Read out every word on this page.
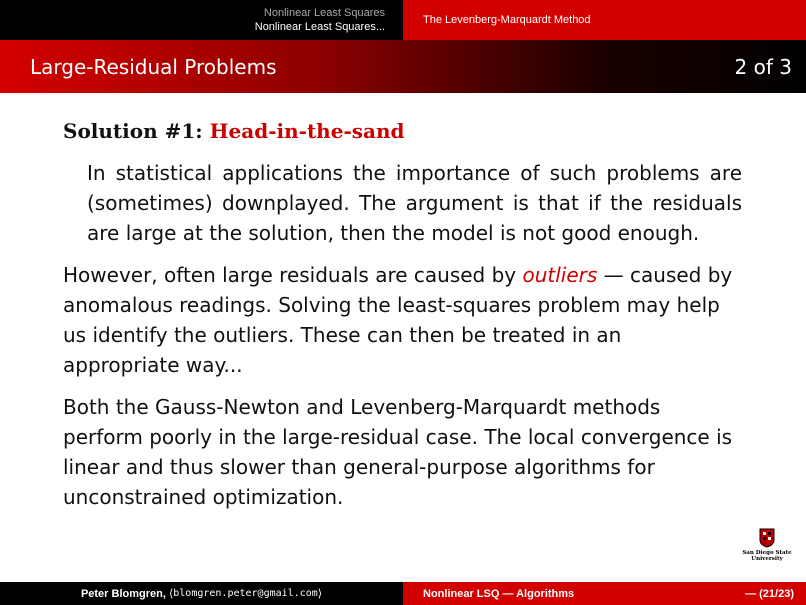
Nonlinear Least Squares
Nonlinear Least Squares...
The Levenberg-Marquardt Method
Large-Residual Problems	2 of 3

Solution #1: Head-in-the-sand

In statistical applications the importance of such problems are (sometimes) downplayed. The argument is that if the residuals are large at the solution, then the model is not good enough.

However, often large residuals are caused by outliers — caused by anomalous readings. Solving the least-squares problem may help us identify the outliers. These can then be treated in an appropriate way...

Both the Gauss-Newton and Levenberg-Marquardt methods perform poorly in the large-residual case. The local convergence is linear and thus slower than general-purpose algorithms for unconstrained optimization.

San Diego State
University
Peter Blomgren,
⟨ blomgren.peter@gmail.com ⟩	Nonlinear LSQ — Algorithms	— (21/23)
